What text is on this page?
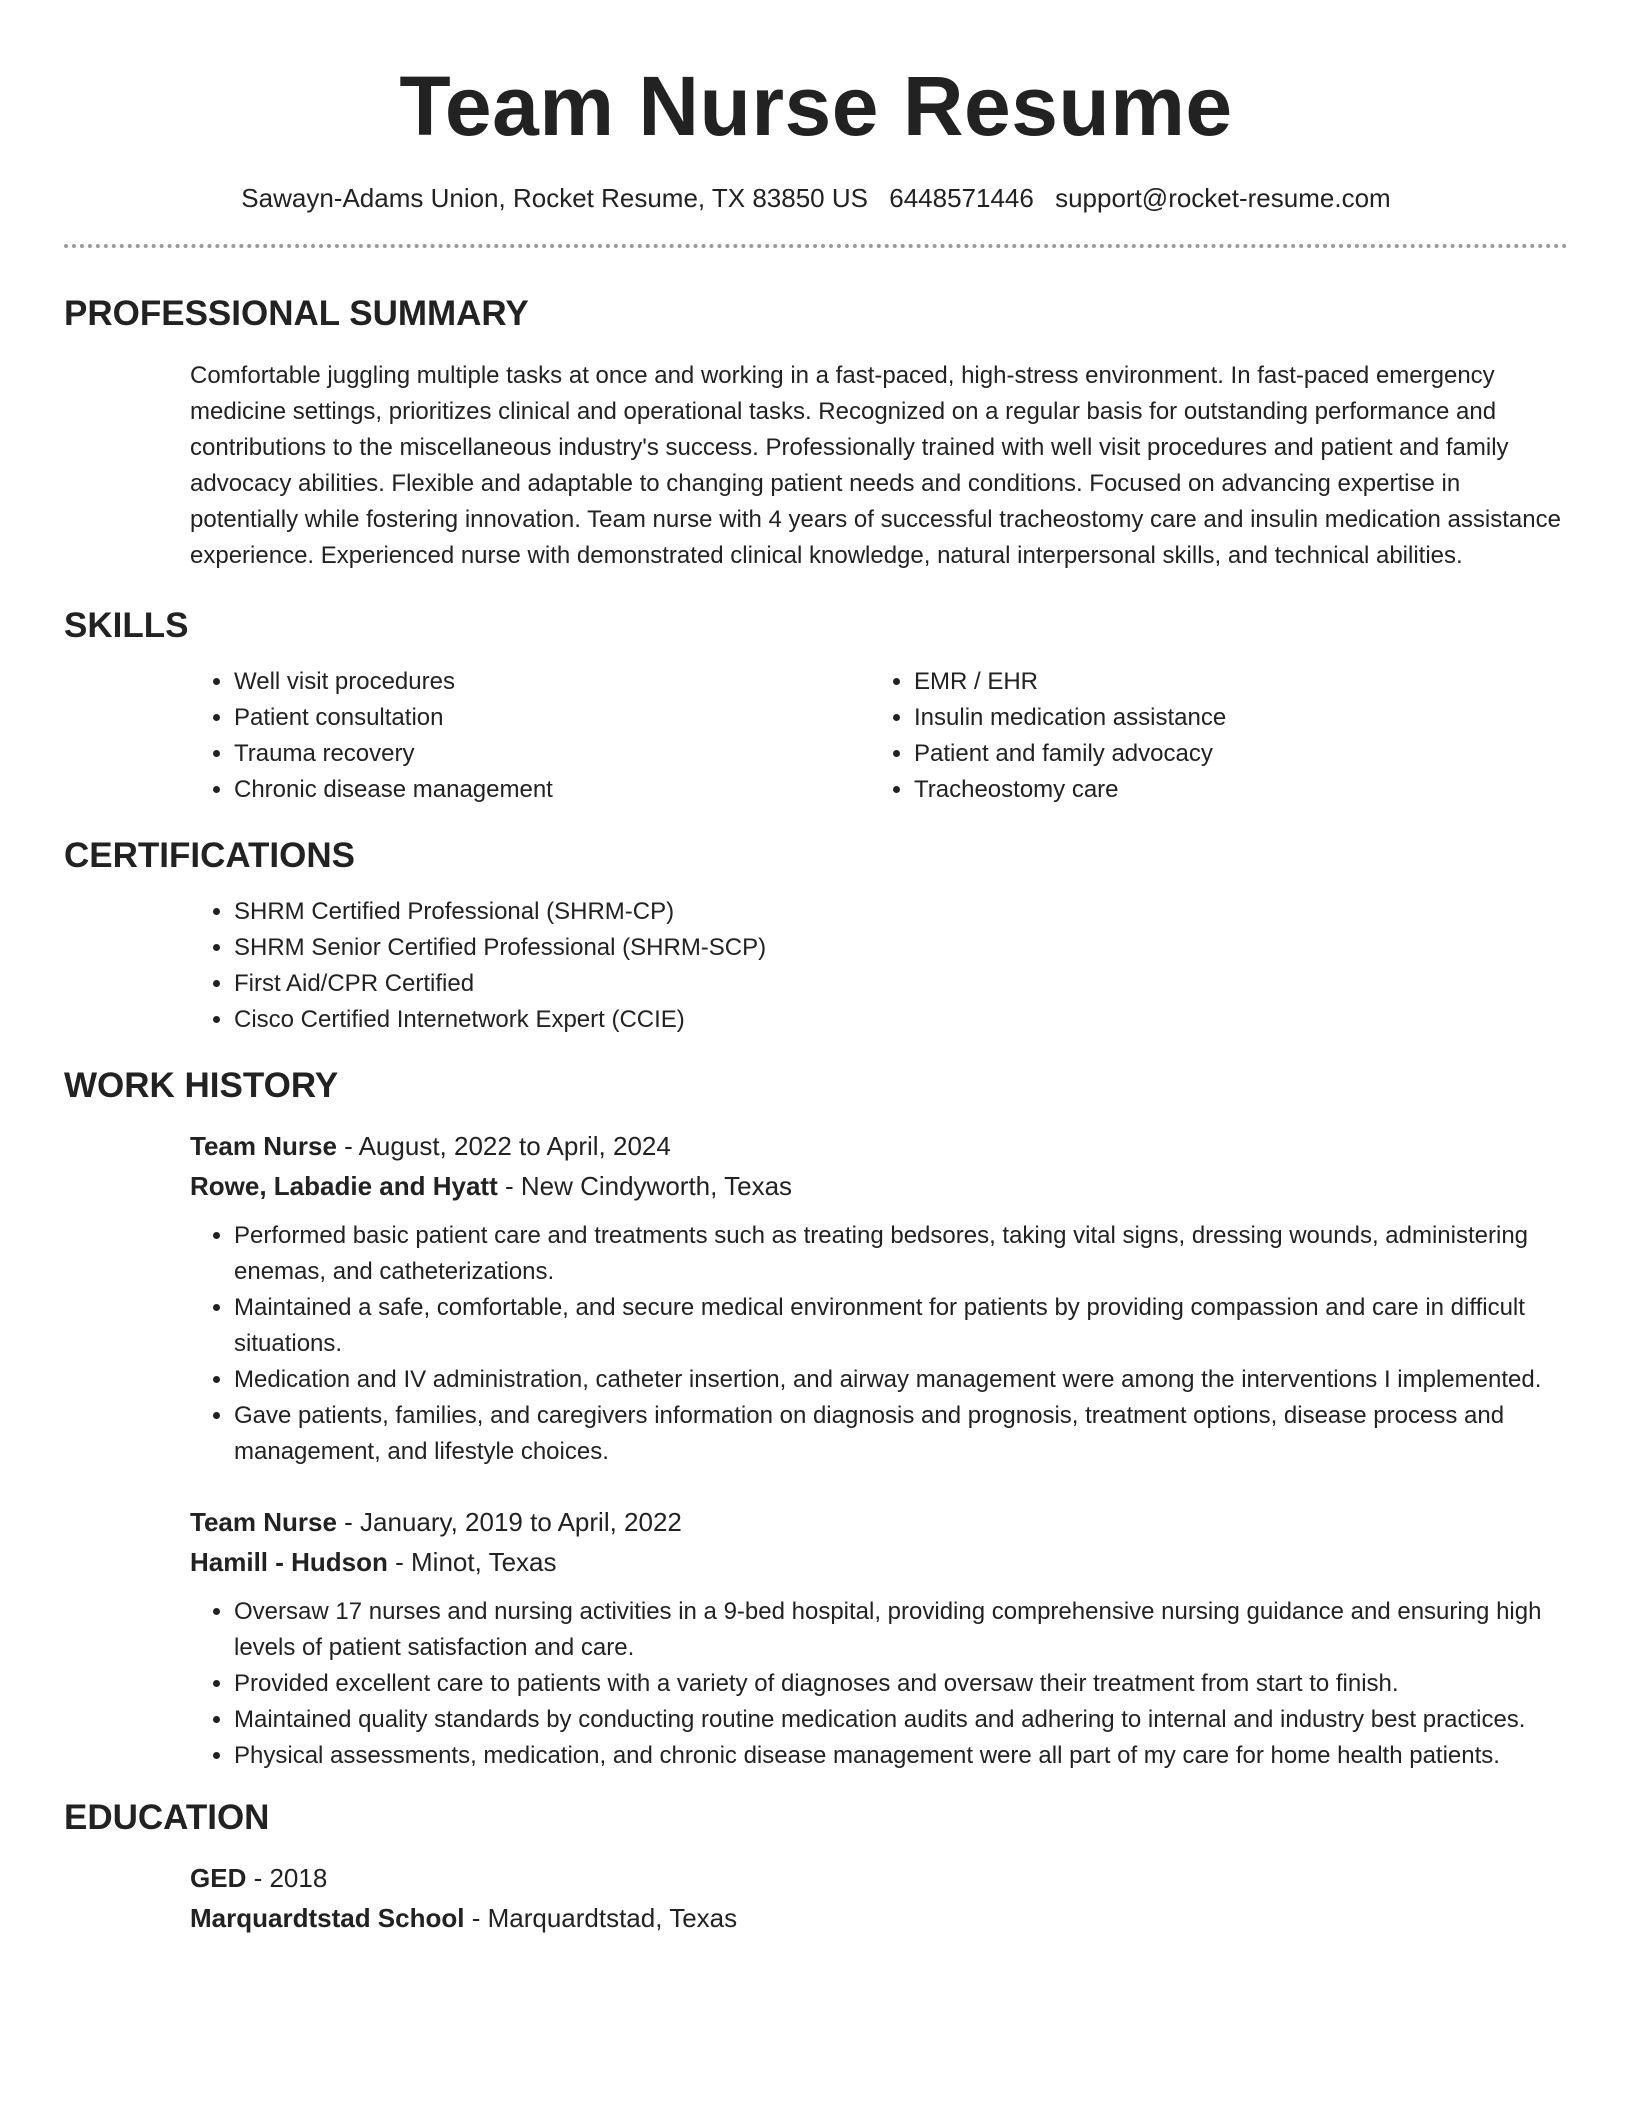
Team Nurse Resume
Sawayn-Adams Union, Rocket Resume, TX 83850 US 6448571446 support@rocket-resume.com
PROFESSIONAL SUMMARY

Comfortable juggling multiple tasks at once and working in a fast-paced, high-stress environment. In fast-paced emergency medicine settings, prioritizes clinical and operational tasks. Recognized on a regular basis for outstanding performance and contributions to the miscellaneous industry's success. Professionally trained with well visit procedures and patient and family advocacy abilities. Flexible and adaptable to changing patient needs and conditions. Focused on advancing expertise in potentially while fostering innovation. Team nurse with 4 years of successful tracheostomy care and insulin medication assistance experience. Experienced nurse with demonstrated clinical knowledge, natural interpersonal skills, and technical abilities.

SKILLS
• Well visit procedures
• Patient consultation
• Trauma recovery
• Chronic disease management
• EMR / EHR
• Insulin medication assistance
• Patient and family advocacy
• Tracheostomy care
CERTIFICATIONS
• SHRM Certified Professional (SHRM-CP)
• SHRM Senior Certified Professional (SHRM-SCP)
• First Aid/CPR Certified
• Cisco Certified Internetwork Expert (CCIE)
WORK HISTORY

Team Nurse - August, 2022 to April, 2024

Rowe, Labadie and Hyatt - New Cindyworth, Texas

• Performed basic patient care and treatments such as treating bedsores, taking vital signs, dressing wounds, administering enemas, and catheterizations.
• Maintained a safe, comfortable, and secure medical environment for patients by providing compassion and care in difficult situations.
• Medication and IV administration, catheter insertion, and airway management were among the interventions I implemented.
• Gave patients, families, and caregivers information on diagnosis and prognosis, treatment options, disease process and management, and lifestyle choices.

Team Nurse - January, 2019 to April, 2022

Hamill - Hudson - Minot, Texas

• Oversaw 17 nurses and nursing activities in a 9-bed hospital, providing comprehensive nursing guidance and ensuring high levels of patient satisfaction and care.
• Provided excellent care to patients with a variety of diagnoses and oversaw their treatment from start to finish.
• Maintained quality standards by conducting routine medication audits and adhering to internal and industry best practices.
• Physical assessments, medication, and chronic disease management were all part of my care for home health patients.
EDUCATION

GED - 2018

Marquardtstad School - Marquardtstad, Texas
